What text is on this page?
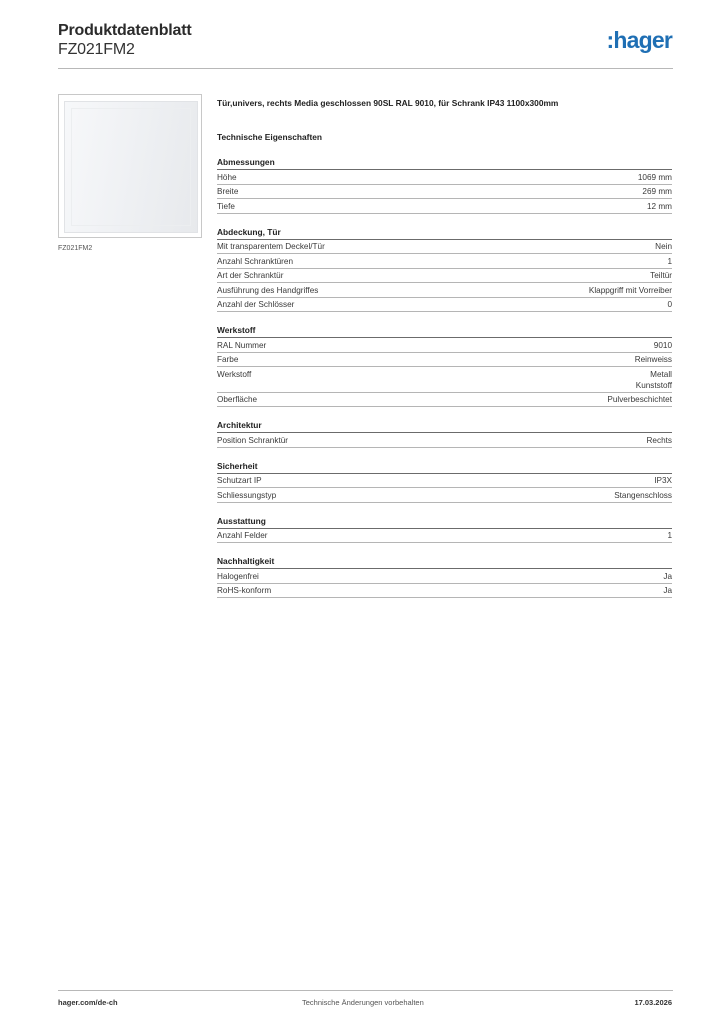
Produktdatenblatt
FZ021FM2	:hager
FZ021FM2
Tür,univers, rechts Media geschlossen 90SL RAL 9010, für Schrank IP43 1100x300mm
Technische Eigenschaften
Abmessungen
Höhe	1069 mm
Breite	269 mm
Tiefe	12 mm
Abdeckung, Tür
Mit transparentem Deckel/Tür	Nein
Anzahl Schranktüren	1
Art der Schranktür	Teiltür
Ausführung des Handgriffes	Klappgriff mit Vorreiber
Anzahl der Schlösser	0
Werkstoff
RAL Nummer	9010
Farbe	Reinweiss
Werkstoff	Metall
Kunststoff
Oberfläche	Pulverbeschichtet
Architektur
Position Schranktür	Rechts
Sicherheit
Schutzart IP	IP3X
Schliessungstyp	Stangenschloss
Ausstattung
Anzahl Felder	1
Nachhaltigkeit
Halogenfrei	Ja
RoHS-konform	Ja
hager.com/de-ch	Technische Änderungen vorbehalten	17.03.2026
